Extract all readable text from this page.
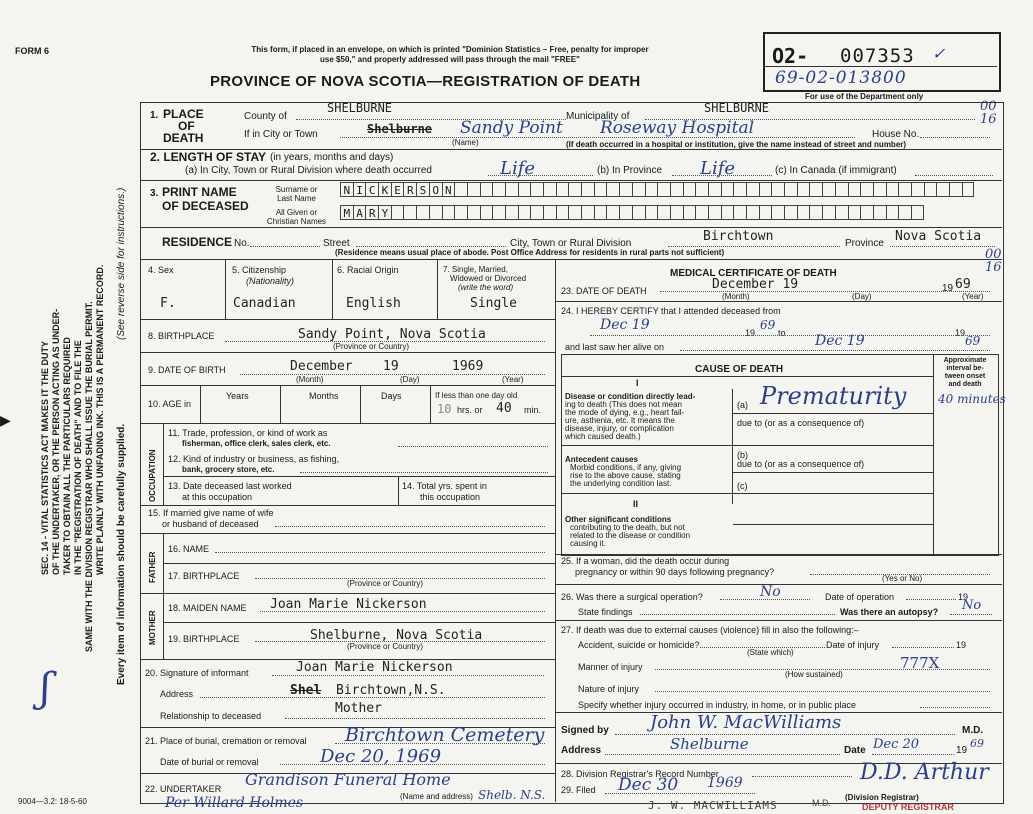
FORM 6	This form, if placed in an envelope, on which is printed "Dominion Statistics – Free, penalty for improper
use $50," and properly addressed will pass through the mail "FREE"
PROVINCE OF NOVA SCOTIA—REGISTRATION OF DEATH
O2- 007353 ✓
69-02-013800
For use of the Department only
00 16
SEC. 14 - VITAL STATISTICS ACT MAKES IT THE DUTY OF THE UNDERTAKER, OR THE PERSON ACTING AS UNDER- TAKER TO OBTAIN ALL THE PARTICULARS REQUIRED IN THE "REGISTRATION OF DEATH" AND TO FILE THE SAME WITH THE DIVISION REGISTRAR WHO SHALL ISSUE THE BURIAL PERMIT. WRITE PLAINLY WITH UNFADING INK. THIS IS A PERMANENT RECORD. Every item of information should be carefully supplied.
(See reverse side for instructions.)
ʃ
9004—3.2: 18-5-60
1. PLACE
OF
DEATH
County of
SHELBURNE
Municipality of
SHELBURNE
If in City or Town	Shelburne Sandy Point Roseway Hospital
(Name)
House No.
(If death occurred in a hospital or institution, give the name instead of street and number)
2. LENGTH OF STAY (in years, months and days)
(a) In City, Town or Rural Division where death occurred	Life	(b) In Province Life	(c) In Canada (if immigrant)
3. PRINT NAME
OF DECEASED
Surname or
Last Name
All Given or
Christian Names
N I C K E R S O N
M A R Y
RESIDENCE No.	Street	City, Town or Rural Division	Birchtown	Province Nova Scotia
(Residence means usual place of abode. Post Office Address for residents in rural parts not sufficient)	00 16
4. Sex
F.
5. Citizenship
(Nationality)
Canadian
6. Racial Origin
English
7. Single, Married,
Widowed or Divorced
(write the word)
Single
8. BIRTHPLACE	Sandy Point, Nova Scotia
(Province or Country)
9. DATE OF BIRTH	December 19	1969
(Month)	(Day)	(Year)
10. AGE in
Years	Months	Days	If less than one day old
10 hrs. or 40 min.
OCCUPATION
11. Trade, profession, or kind of work as
fisherman, office clerk, sales clerk, etc.
12. Kind of industry or business, as fishing,
bank, grocery store, etc.
13. Date deceased last worked
at this occupation
14. Total yrs. spent in
this occupation
15. If married give name of wife
or husband of deceased
FATHER
16. NAME
17. BIRTHPLACE
(Province or Country)
MOTHER
18. MAIDEN NAME Joan Marie Nickerson
19. BIRTHPLACE	Shelburne, Nova Scotia
(Province or Country)
20. Signature of informant	Joan Marie Nickerson
Address	Shel Birchtown,N.S.
Mother
Relationship to deceased
21. Place of burial, cremation or removal Birchtown Cemetery
Date of burial or removal	Dec 20, 1969
22. UNDERTAKER Grandison Funeral Home
(Name and address) Shelb. N.S.
Per Willard Holmes
MEDICAL CERTIFICATE OF DEATH
23. DATE OF DEATH	December 19	19 69
(Month)	(Day)	(Year)
24. I HEREBY CERTIFY that I attended deceased from
Dec 19	19
69
to	19
and last saw her alive on	Dec 19	69
CAUSE OF DEATH
Approximate
interval be-
tween onset
and death
I
Disease or condition directly lead-
ing to death (This does not mean
the mode of dying, e.g., heart fail-
ure, asthenia, etc. It means the
disease, injury, or complication
which caused death.)
(a) Prematurity	40 minutes
due to (or as a consequence of)
(b)
Antecedent causes
Morbid conditions, if any, giving
rise to the above cause, stating
the underlying condition last.
due to (or as a consequence of)
(c)
II
Other significant conditions
contributing to the death, but not
related to the disease or condition
causing it.
25. If a woman, did the death occur during
pregnancy or within 90 days following pregnancy?
(Yes or No)
26. Was there a surgical operation?	No	Date of operation	19
State findings	Was there an autopsy? No
27. If death was due to external causes (violence) fill in also the following:–
Accident, suicide or homicide?
(State which)
Date of injury	19
Manner of injury	777X
(How sustained)
Nature of injury
Specify whether injury occurred in industry, in home, or in public place
Signed by John W. MacWilliams	M.D.
Address	Shelburne	Date Dec 20	19
69
28. Division Registrar's Record Number
29. Filed Dec 30 1969	D.D. Arthur
(Division Registrar)
J. W. MACWILLIAMS	M.D.	DEPUTY REGISTRAR
▶
